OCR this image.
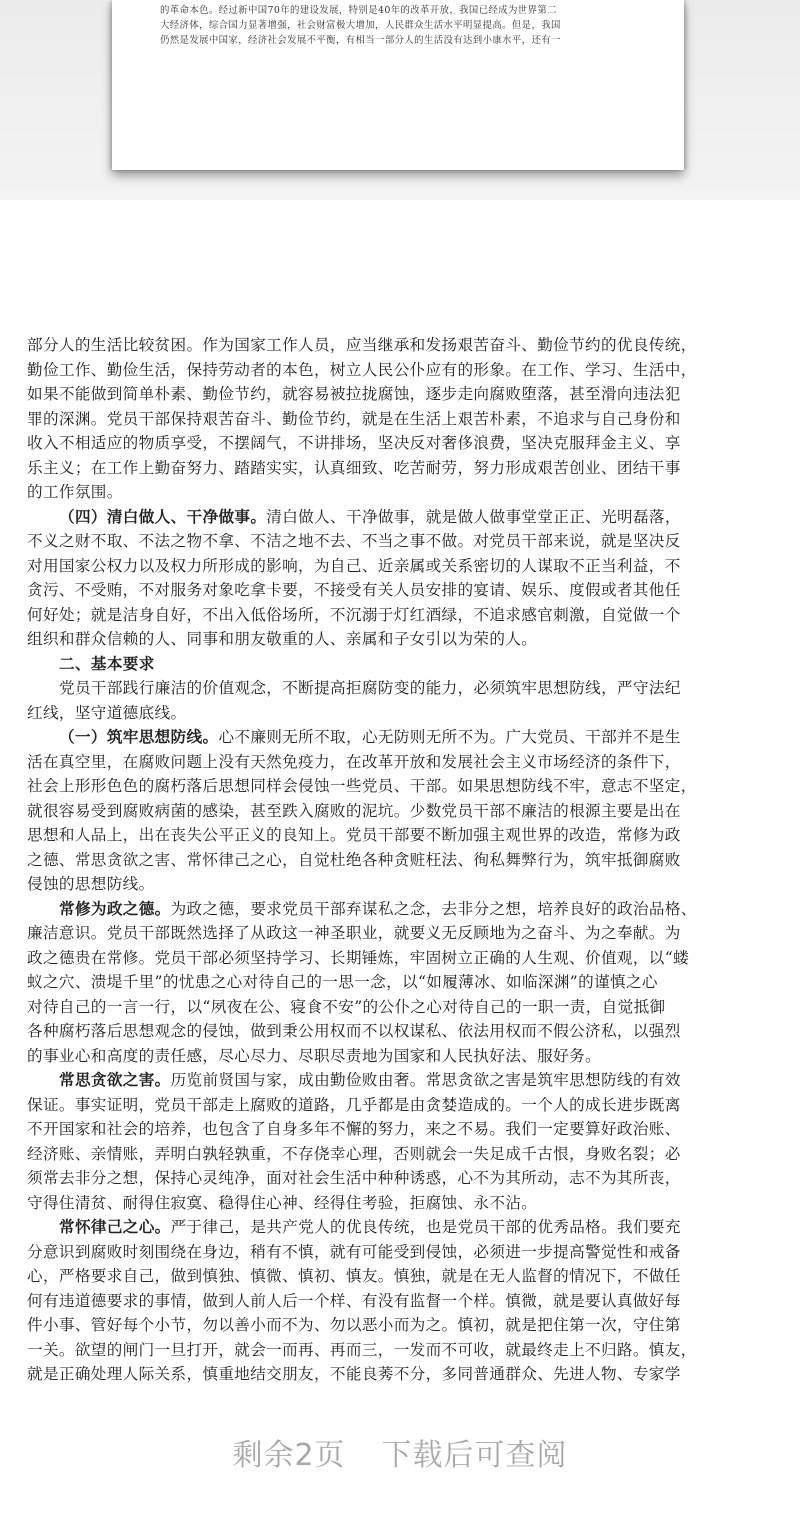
的革命本色。经过新中国70年的建设发展，特别是40年的改革开放，我国已经成为世界第二
大经济体，综合国力显著增强，社会财富极大增加，人民群众生活水平明显提高。但是，我国
仍然是发展中国家，经济社会发展不平衡，有相当一部分人的生活没有达到小康水平，还有一
部分人的生活比较贫困。作为国家工作人员，应当继承和发扬艰苦奋斗、勤俭节约的优良传统，
勤俭工作、勤俭生活，保持劳动者的本色，树立人民公仆应有的形象。在工作、学习、生活中，
如果不能做到简单朴素、勤俭节约，就容易被拉拢腐蚀，逐步走向腐败堕落，甚至滑向违法犯
罪的深渊。党员干部保持艰苦奋斗、勤俭节约，就是在生活上艰苦朴素，不追求与自己身份和
收入不相适应的物质享受，不摆阔气，不讲排场，坚决反对奢侈浪费，坚决克服拜金主义、享
乐主义；在工作上勤奋努力、踏踏实实，认真细致、吃苦耐劳，努力形成艰苦创业、团结干事
的工作氛围。
（四）清白做人、干净做事。清白做人、干净做事，就是做人做事堂堂正正、光明磊落，
不义之财不取、不法之物不拿、不洁之地不去、不当之事不做。对党员干部来说，就是坚决反
对用国家公权力以及权力所形成的影响，为自己、近亲属或关系密切的人谋取不正当利益，不
贪污、不受贿，不对服务对象吃拿卡要，不接受有关人员安排的宴请、娱乐、度假或者其他任
何好处；就是洁身自好，不出入低俗场所，不沉溺于灯红酒绿，不追求感官刺激，自觉做一个
组织和群众信赖的人、同事和朋友敬重的人、亲属和子女引以为荣的人。
二、基本要求
党员干部践行廉洁的价值观念，不断提高拒腐防变的能力，必须筑牢思想防线，严守法纪
红线，坚守道德底线。
（一）筑牢思想防线。心不廉则无所不取，心无防则无所不为。广大党员、干部并不是生
活在真空里，在腐败问题上没有天然免疫力，在改革开放和发展社会主义市场经济的条件下，
社会上形形色色的腐朽落后思想同样会侵蚀一些党员、干部。如果思想防线不牢，意志不坚定，
就很容易受到腐败病菌的感染，甚至跌入腐败的泥坑。少数党员干部不廉洁的根源主要是出在
思想和人品上，出在丧失公平正义的良知上。党员干部要不断加强主观世界的改造，常修为政
之德、常思贪欲之害、常怀律己之心，自觉杜绝各种贪赃枉法、徇私舞弊行为，筑牢抵御腐败
侵蚀的思想防线。
常修为政之德。为政之德，要求党员干部弃谋私之念，去非分之想，培养良好的政治品格、
廉洁意识。党员干部既然选择了从政这一神圣职业，就要义无反顾地为之奋斗、为之奉献。为
政之德贵在常修。党员干部必须坚持学习、长期锤炼，牢固树立正确的人生观、价值观，以“蝼
蚁之穴、溃堤千里”的忧患之心对待自己的一思一念，以“如履薄冰、如临深渊”的谨慎之心
对待自己的一言一行，以“夙夜在公、寝食不安”的公仆之心对待自己的一职一责，自觉抵御
各种腐朽落后思想观念的侵蚀，做到秉公用权而不以权谋私、依法用权而不假公济私，以强烈
的事业心和高度的责任感，尽心尽力、尽职尽责地为国家和人民执好法、服好务。
常思贪欲之害。历览前贤国与家，成由勤俭败由奢。常思贪欲之害是筑牢思想防线的有效
保证。事实证明，党员干部走上腐败的道路，几乎都是由贪婪造成的。一个人的成长进步既离
不开国家和社会的培养，也包含了自身多年不懈的努力，来之不易。我们一定要算好政治账、
经济账、亲情账，弄明白孰轻孰重，不存侥幸心理，否则就会一失足成千古恨，身败名裂；必
须常去非分之想，保持心灵纯净，面对社会生活中种种诱惑，心不为其所动，志不为其所丧，
守得住清贫、耐得住寂寞、稳得住心神、经得住考验，拒腐蚀、永不沾。
常怀律己之心。严于律己，是共产党人的优良传统，也是党员干部的优秀品格。我们要充
分意识到腐败时刻围绕在身边，稍有不慎，就有可能受到侵蚀，必须进一步提高警觉性和戒备
心，严格要求自己，做到慎独、慎微、慎初、慎友。慎独，就是在无人监督的情况下，不做任
何有违道德要求的事情，做到人前人后一个样、有没有监督一个样。慎微，就是要认真做好每
件小事、管好每个小节，勿以善小而不为、勿以恶小而为之。慎初，就是把住第一次，守住第
一关。欲望的闸门一旦打开，就会一而再、再而三，一发而不可收，就最终走上不归路。慎友，
就是正确处理人际关系，慎重地结交朋友，不能良莠不分，多同普通群众、先进人物、专家学
剩余2页 下载后可查阅
